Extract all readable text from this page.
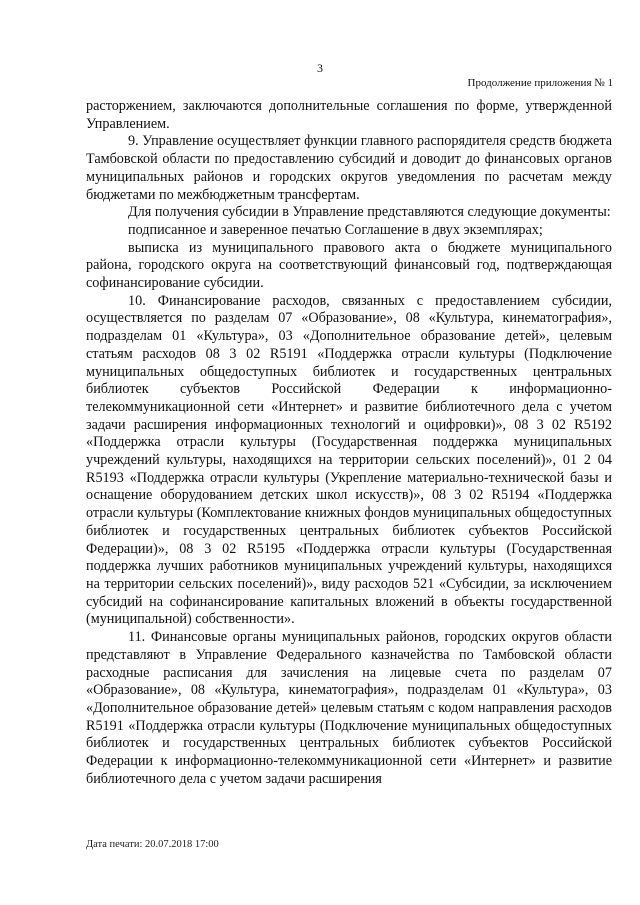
3
Продолжение приложения № 1

расторжением, заключаются дополнительные соглашения по форме, утвержденной Управлением.

9. Управление осуществляет функции главного распорядителя средств бюджета Тамбовской области по предоставлению субсидий и доводит до финансовых органов муниципальных районов и городских округов уведомления по расчетам между бюджетами по межбюджетным трансфертам.

Для получения субсидии в Управление представляются следующие документы:

подписанное и заверенное печатью Соглашение в двух экземплярах;

выписка из муниципального правового акта о бюджете муниципального района, городского округа на соответствующий финансовый год, подтверждающая софинансирование субсидии.

10. Финансирование расходов, связанных с предоставлением субсидии, осуществляется по разделам 07 «Образование», 08 «Культура, кинематография», подразделам 01 «Культура», 03 «Дополнительное образование детей», целевым статьям расходов 08 3 02 R5191 «Поддержка отрасли культуры (Подключение муниципальных общедоступных библиотек и государственных центральных библиотек субъектов Российской Федерации к информационно-телекоммуникационной сети «Интернет» и развитие библиотечного дела с учетом задачи расширения информационных технологий и оцифровки)», 08 3 02 R5192 «Поддержка отрасли культуры (Государственная поддержка муниципальных учреждений культуры, находящихся на территории сельских поселений)», 01 2 04 R5193 «Поддержка отрасли культуры (Укрепление материально-технической базы и оснащение оборудованием детских школ искусств)», 08 3 02 R5194 «Поддержка отрасли культуры (Комплектование книжных фондов муниципальных общедоступных библиотек и государственных центральных библиотек субъектов Российской Федерации)», 08 3 02 R5195 «Поддержка отрасли культуры (Государственная поддержка лучших работников муниципальных учреждений культуры, находящихся на территории сельских поселений)», виду расходов 521 «Субсидии, за исключением субсидий на софинансирование капитальных вложений в объекты государственной (муниципальной) собственности».

11. Финансовые органы муниципальных районов, городских округов области представляют в Управление Федерального казначейства по Тамбовской области расходные расписания для зачисления на лицевые счета по разделам 07 «Образование», 08 «Культура, кинематография», подразделам 01 «Культура», 03 «Дополнительное образование детей» целевым статьям с кодом направления расходов R5191 «Поддержка отрасли культуры (Подключение муниципальных общедоступных библиотек и государственных центральных библиотек субъектов Российской Федерации к информационно-телекоммуникационной сети «Интернет» и развитие библиотечного дела с учетом задачи расширения

Дата печати: 20.07.2018 17:00
